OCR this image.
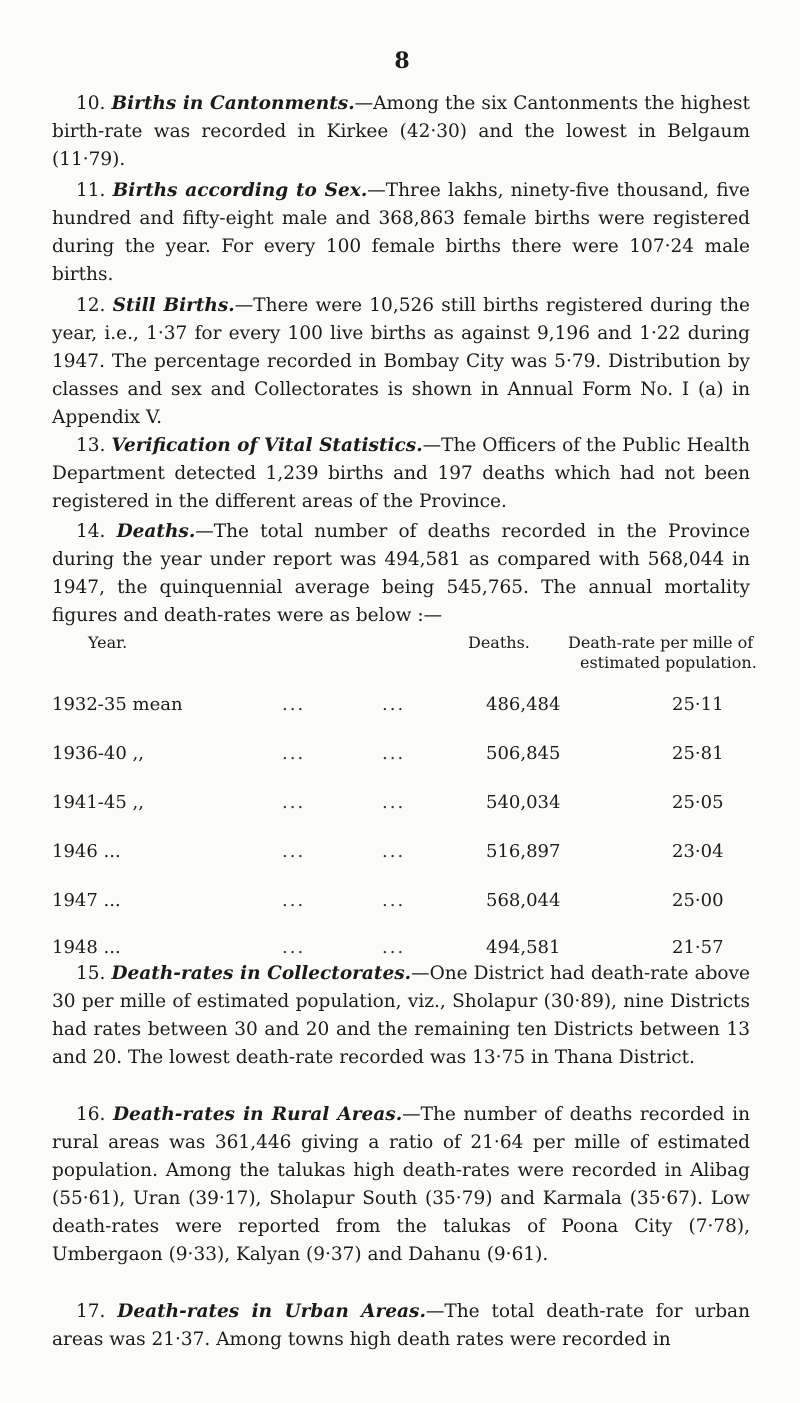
8

10. Births in Cantonments.—Among the six Cantonments the highest birth-rate was recorded in Kirkee (42·30) and the lowest in Belgaum (11·79).

11. Births according to Sex.—Three lakhs, ninety-five thousand, five hundred and fifty-eight male and 368,863 female births were registered during the year. For every 100 female births there were 107·24 male births.

12. Still Births.—There were 10,526 still births registered during the year, i.e., 1·37 for every 100 live births as against 9,196 and 1·22 during 1947. The percentage recorded in Bombay City was 5·79. Distribution by classes and sex and Collectorates is shown in Annual Form No. I (a) in Appendix V.

13. Verification of Vital Statistics.—The Officers of the Public Health Department detected 1,239 births and 197 deaths which had not been registered in the different areas of the Province.

14. Deaths.—The total number of deaths recorded in the Province during the year under report was 494,581 as compared with 568,044 in 1947, the quinquennial average being 545,765. The annual mortality figures and death-rates were as below :—

Year.	Deaths. Death-rate per mille of
estimated population.
1932-35 mean	...	...	486,484	25·11
1936-40 ,,	...	...	506,845	25·81
1941-45 ,,	...	...	540,034	25·05
1946 ...	...	...	516,897	23·04
1947 ...	...	...	568,044	25·00
1948 ...	...	...	494,581	21·57

15. Death-rates in Collectorates.—One District had death-rate above 30 per mille of estimated population, viz., Sholapur (30·89), nine Districts had rates between 30 and 20 and the remaining ten Districts between 13 and 20. The lowest death-rate recorded was 13·75 in Thana District.

16. Death-rates in Rural Areas.—The number of deaths recorded in rural areas was 361,446 giving a ratio of 21·64 per mille of estimated population. Among the talukas high death-rates were recorded in Alibag (55·61), Uran (39·17), Sholapur South (35·79) and Karmala (35·67). Low death-rates were reported from the talukas of Poona City (7·78), Umbergaon (9·33), Kalyan (9·37) and Dahanu (9·61).

17. Death-rates in Urban Areas.—The total death-rate for urban areas was 21·37. Among towns high death rates were recorded in
